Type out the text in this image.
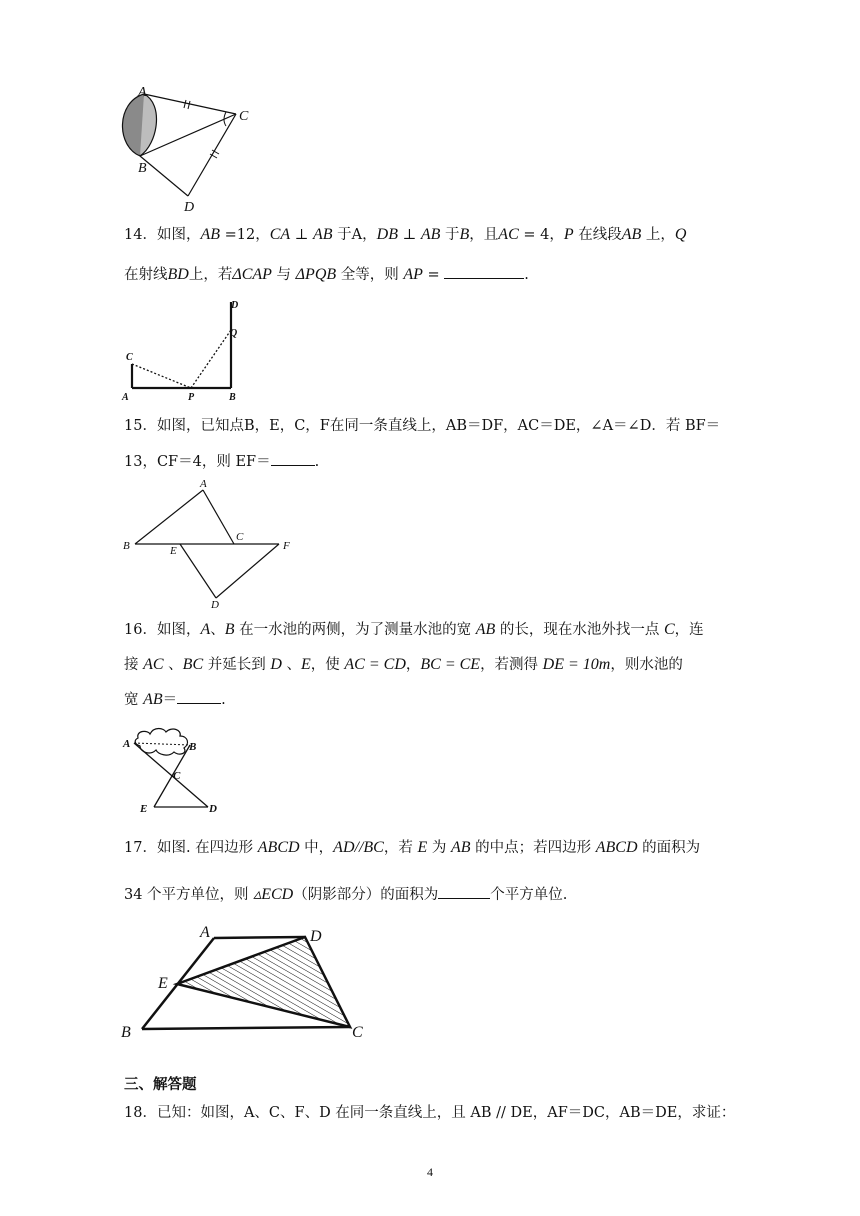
A
C
B
D
14．如图，AB =12，CA ⊥ AB 于A，DB ⊥ AB 于B，且AC = 4，P 在线段AB 上，Q
在射线BD上，若ΔCAP 与 ΔPQB 全等，则 AP =	.
C
A	P	B
D
Q
15．如图，已知点B，E，C，F在同一条直线上，AB＝DF，AC＝DE，∠A＝∠D．若 BF＝
13，CF＝4，则 EF＝	.
A
B	E
C
F
D
16．如图，A、B 在一水池的两侧，为了测量水池的宽 AB 的长，现在水池外找一点 C，连
接 AC 、BC 并延长到 D 、E，使 AC = CD，BC = CE，若测得 DE = 10m，则水池的
宽 AB＝	.
A	B
C
E	D
17．如图. 在四边形 ABCD 中，AD//BC，若 E 为 AB 的中点；若四边形 ABCD 的面积为
34 个平方单位，则 ▵ECD（阴影部分）的面积为	个平方单位.
A	D
E
B	C
三、解答题
18．已知：如图，A、C、F、D 在同一条直线上，且 AB // DE，AF＝DC，AB＝DE，求证：
4
